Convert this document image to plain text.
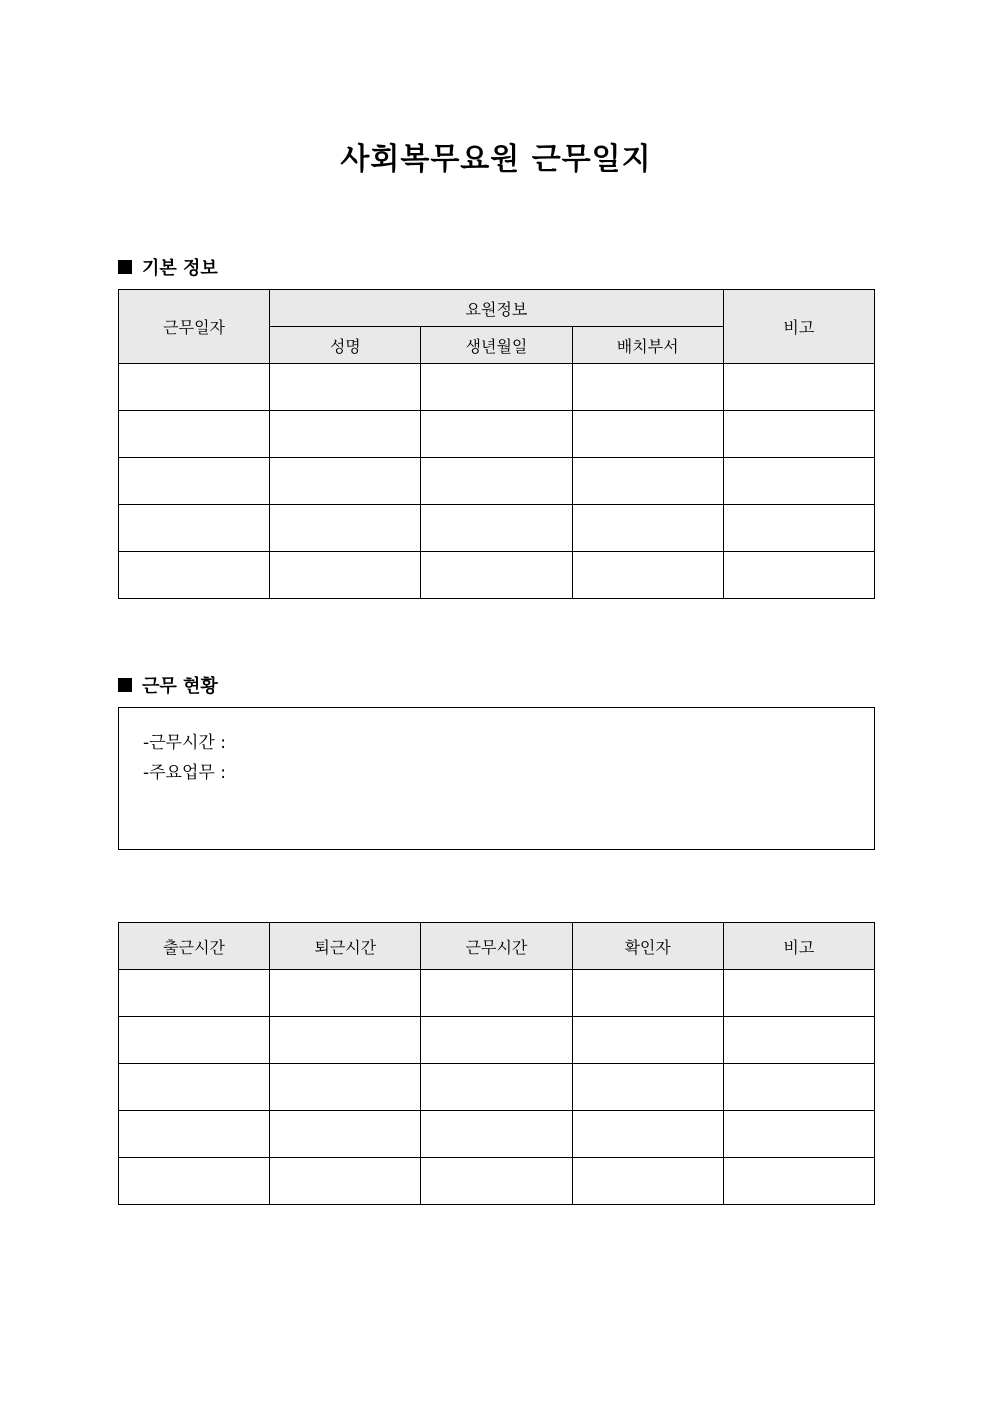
사회복무요원 근무일지
기본 정보
근무일자	요원정보			비고
	성명	생년월일	배치부서	

근무 현황
-근무시간 :
-주요업무 :
출근시간	퇴근시간	근무시간	확인자	비고
